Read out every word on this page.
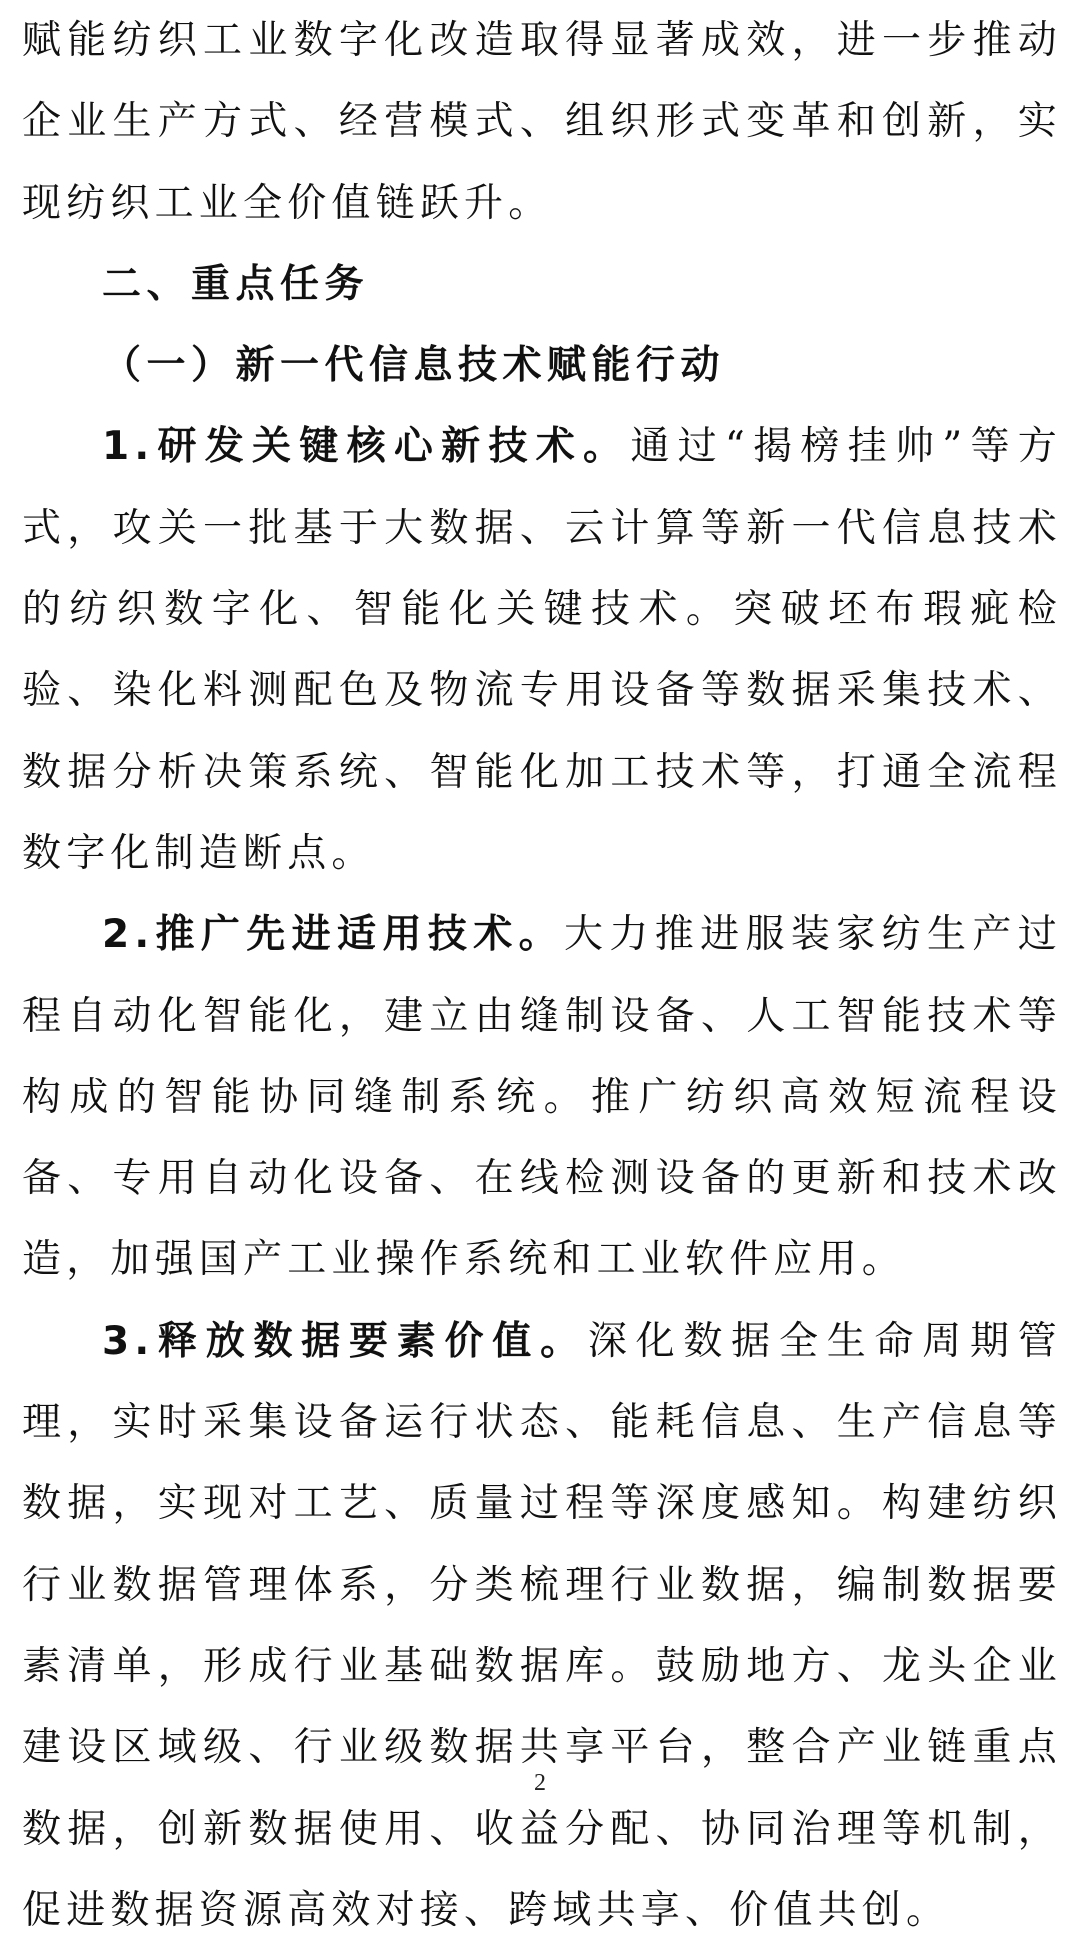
赋能纺织工业数字化改造取得显著成效，进一步推动企业生产方式、经营模式、组织形式变革和创新，实现纺织工业全价值链跃升。

二、重点任务

（一）新一代信息技术赋能行动

1.研发关键核心新技术。通过“揭榜挂帅”等方式，攻关一批基于大数据、云计算等新一代信息技术的纺织数字化、智能化关键技术。突破坯布瑕疵检验、染化料测配色及物流专用设备等数据采集技术、数据分析决策系统、智能化加工技术等，打通全流程数字化制造断点。

2.推广先进适用技术。大力推进服装家纺生产过程自动化智能化，建立由缝制设备、人工智能技术等构成的智能协同缝制系统。推广纺织高效短流程设备、专用自动化设备、在线检测设备的更新和技术改造，加强国产工业操作系统和工业软件应用。

3.释放数据要素价值。深化数据全生命周期管理，实时采集设备运行状态、能耗信息、生产信息等数据，实现对工艺、质量过程等深度感知。构建纺织行业数据管理体系，分类梳理行业数据，编制数据要素清单，形成行业基础数据库。鼓励地方、龙头企业建设区域级、行业级数据共享平台，整合产业链重点数据，创新数据使用、收益分配、协同治理等机制，促进数据资源高效对接、跨域共享、价值共创。

2
